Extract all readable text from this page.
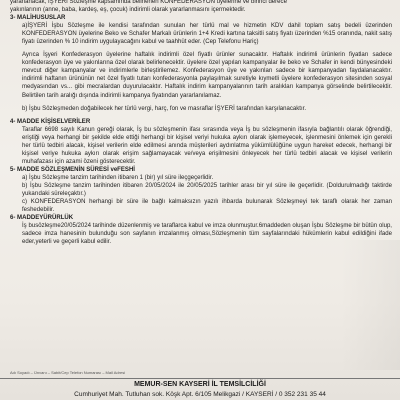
yararlanacak, İŞYERİ Sözleşme kapsamında belirlenen KONFEDERASYON üyelerine ve birinci derece

yakınlarının (anne, baba, kardeş, eş, çocuk) indirimli olarak yararlanmasını içermektedir.

3- MALİHUSUSLAR

a)İŞYERİ İşbu Sözleşme ile kendisi tarafından sunulan her türlü mal ve hizmetin KDV dahil toplam satış bedeli üzerinden KONFEDERASYON üyelerine Beko ve Schafer Markalı ürünlerin 1+4 Kredi kartına taksitli satış fiyatı üzerinden %15 oranında, nakit satış fiyatı üzerinden % 10 indirim uygulayacağını kabul ve taahhüt eder. (Cep Telefonu Hariç)

Ayrıca İşyeri Konfederasyon üyelerine haftalık indirimli özel fiyatlı ürünler sunacaktır. Haftalık indirimli ürünlerin fiyatları sadece konfederasyon üye ve yakınlarına özel olarak belirlenecektir. üyelere özel yapılan kampanyalar ile beko ve Schafer in kendi bünyesindeki mevcut diğer kampanyalar ve indirimlerle birleştirilemez. Konfederasyon üye ve yakınları sadece bir kampanyadan faydalanacaktır. indirimli haftanın ürününün net özel fiyatlı tutarı konfederasyonla paylaşılmak suretiyle kıymetli üyelere konfederasyon sitesinden sosyal medyasından vs... gibi mecralardan duyurulacaktır. Haftalık indirim kampanyalarının tarih aralıkları kampanya görselinde belirtilecektir. Belirtilen tarih aralığı dışında indirimli kampanya fiyatından yararlanılamaz.

b) İşbu Sözleşmeden doğabilecek her türlü vergi, harç, fon ve masraflar İŞYERİ tarafından karşılanacaktır.

4- MADDE KİŞİSELVERİLER

Taraflar 6698 sayılı Kanun gereği olarak, İş bu sözleşmenin ifası sırasında veya İş bu sözleşmenin ifasıyla bağlantılı olarak öğrendiği, eriştiği veya herhangi bir şekilde elde ettiği herhangi bir kişisel veriyi hukuka aykırı olarak işlemeyecek, işlenmesini önlemek için gerekli her türlü tedbiri alacak, kişisel verilerin elde edilmesi anında müşterileri aydınlatma yükümlülüğüne uygun hareket edecek, herhangi bir kişisel veriye hukuka aykırı olarak erişim sağlamayacak ve/veya erişilmesini önleyecek her türlü tedbiri alacak ve kişisel verilerin muhafazası için azami özeni gösterecektir.

5- MADDE SÖZLEŞMENİN SÜRESİ veFESHİ

a) İşbu Sözleşme tanzim tarihinden itibaren 1 (bir) yıl süre ileçgeçerlidir.

b) İşbu Sözleşme tanzim tarihinden itibaren 20/05/2024 ile 20/05/2025 tarihler arası bir yıl süre ile geçerlidir. (Doldurulmadığı taktirde yukarıdaki süreleçaktır.)

c) KONFEDERASYON herhangi bir süre ile bağlı kalmaksızın yazılı ihbarda bulunarak Sözleşmeyi tek taraflı olarak her zaman feshedebilir.

6- MADDEYÜRÜRLÜK

İş busözleşme20/05/2024 tarihinde düzenlenmiş ve taraflarca kabul ve imza olunmuştur.6maddeden oluşan İşbu Sözleşme bir bütün olup, sadece imza hanesinin bulunduğu son sayfanın imzalanmış olması,Sözleşmenin tüm sayfalarındaki hükümlerin kabul edildiğini ifade eder,yeterli ve geçerli kabul edilir.

Adı Soyadı – Ünvanı – Sabit/Cep Telefon Numarası – Mail Adresi
MEMUR-SEN KAYSERİ İL TEMSİLCİLİĞİ
Cumhuriyet Mah. Tutluhan sok. Köşk Apt. 6/105 Melikgazi / KAYSERİ / 0 352 231 35 44
